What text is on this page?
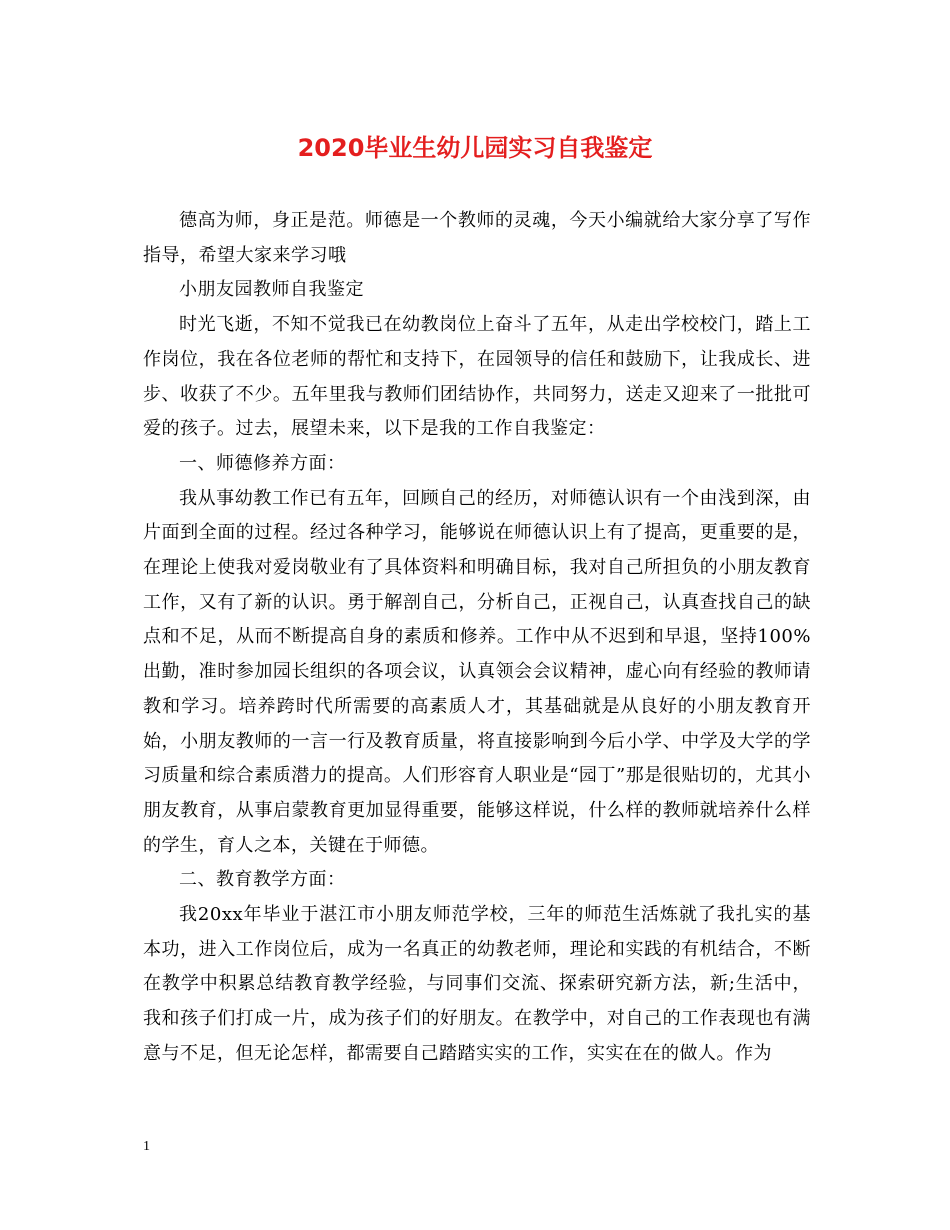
2020毕业生幼儿园实习自我鉴定

德高为师，身正是范。师德是一个教师的灵魂，今天小编就给大家分享了写作指导，希望大家来学习哦

小朋友园教师自我鉴定

时光飞逝，不知不觉我已在幼教岗位上奋斗了五年，从走出学校校门，踏上工作岗位，我在各位老师的帮忙和支持下，在园领导的信任和鼓励下，让我成长、进步、收获了不少。五年里我与教师们团结协作，共同努力，送走又迎来了一批批可爱的孩子。过去，展望未来，以下是我的工作自我鉴定：

一、师德修养方面：

我从事幼教工作已有五年，回顾自己的经历，对师德认识有一个由浅到深，由片面到全面的过程。经过各种学习，能够说在师德认识上有了提高，更重要的是，在理论上使我对爱岗敬业有了具体资料和明确目标，我对自己所担负的小朋友教育工作，又有了新的认识。勇于解剖自己，分析自己，正视自己，认真查找自己的缺点和不足，从而不断提高自身的素质和修养。工作中从不迟到和早退，坚持100%出勤，准时参加园长组织的各项会议，认真领会会议精神，虚心向有经验的教师请教和学习。培养跨时代所需要的高素质人才，其基础就是从良好的小朋友教育开始，小朋友教师的一言一行及教育质量，将直接影响到今后小学、中学及大学的学习质量和综合素质潜力的提高。人们形容育人职业是“园丁”那是很贴切的，尤其小朋友教育，从事启蒙教育更加显得重要，能够这样说，什么样的教师就培养什么样的学生，育人之本，关键在于师德。

二、教育教学方面：

我20xx年毕业于湛江市小朋友师范学校，三年的师范生活炼就了我扎实的基本功，进入工作岗位后，成为一名真正的幼教老师，理论和实践的有机结合，不断在教学中积累总结教育教学经验，与同事们交流、探索研究新方法，新;生活中，我和孩子们打成一片，成为孩子们的好朋友。在教学中，对自己的工作表现也有满意与不足，但无论怎样，都需要自己踏踏实实的工作，实实在在的做人。作为

1
